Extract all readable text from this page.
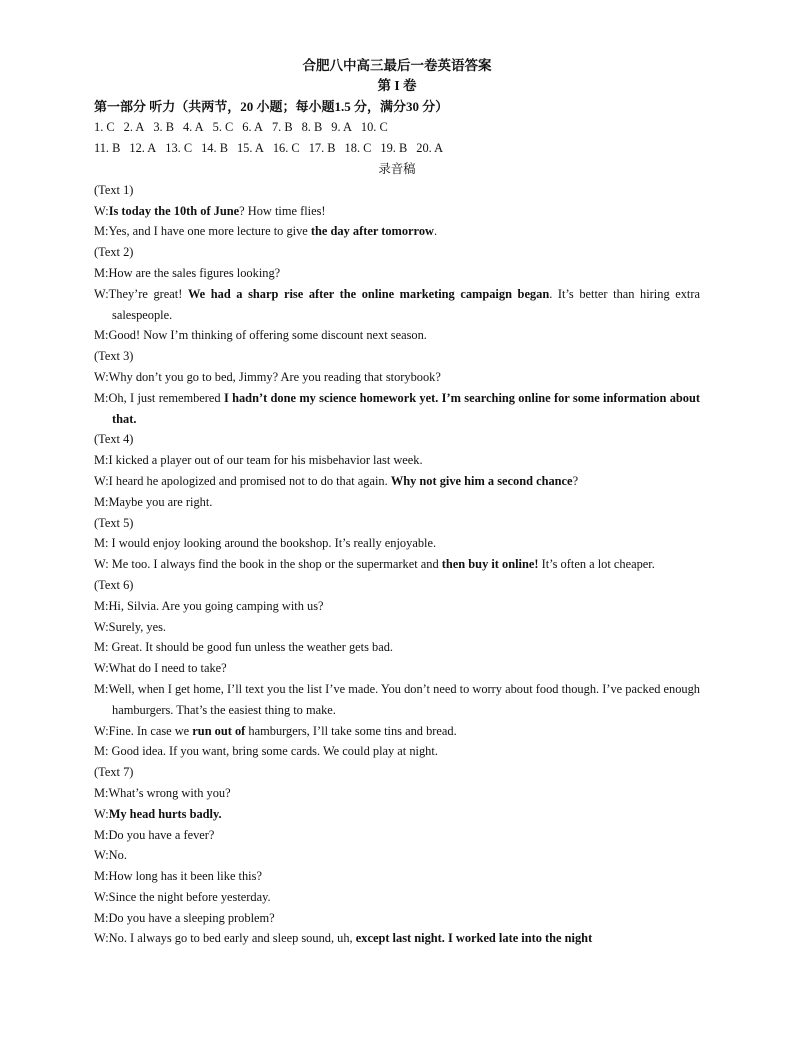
合肥八中高三最后一卷英语答案
第 I 卷
第一部分 听力（共两节，20 小题；每小题1.5 分，满分30 分）
1. C 2. A 3. B 4. A 5. C 6. A 7. B 8. B 9. A 10. C
11. B 12. A 13. C 14. B 15. A 16. C 17. B 18. C 19. B 20. A
录音稿
(Text 1)
W:Is today the 10th of June? How time flies!
M:Yes, and I have one more lecture to give the day after tomorrow.
(Text 2)
M:How are the sales figures looking?
W:They’re great! We had a sharp rise after the online marketing campaign began. It’s better than hiring extra salespeople.
M:Good! Now I’m thinking of offering some discount next season.
(Text 3)
W:Why don’t you go to bed, Jimmy? Are you reading that storybook?
M:Oh, I just remembered I hadn’t done my science homework yet. I’m searching online for some information about that.
(Text 4)
M:I kicked a player out of our team for his misbehavior last week.
W:I heard he apologized and promised not to do that again. Why not give him a second chance?
M:Maybe you are right.
(Text 5)
M: I would enjoy looking around the bookshop. It’s really enjoyable.
W: Me too. I always find the book in the shop or the supermarket and then buy it online! It’s often a lot cheaper.
(Text 6)
M:Hi, Silvia. Are you going camping with us?
W:Surely, yes.
M: Great. It should be good fun unless the weather gets bad.
W:What do I need to take?
M:Well, when I get home, I’ll text you the list I’ve made. You don’t need to worry about food though. I’ve packed enough hamburgers. That’s the easiest thing to make.
W:Fine. In case we run out of hamburgers, I’ll take some tins and bread.
M: Good idea. If you want, bring some cards. We could play at night.
(Text 7)
M:What’s wrong with you?
W:My head hurts badly.
M:Do you have a fever?
W:No.
M:How long has it been like this?
W:Since the night before yesterday.
M:Do you have a sleeping problem?
W:No. I always go to bed early and sleep sound, uh, except last night. I worked late into the night
